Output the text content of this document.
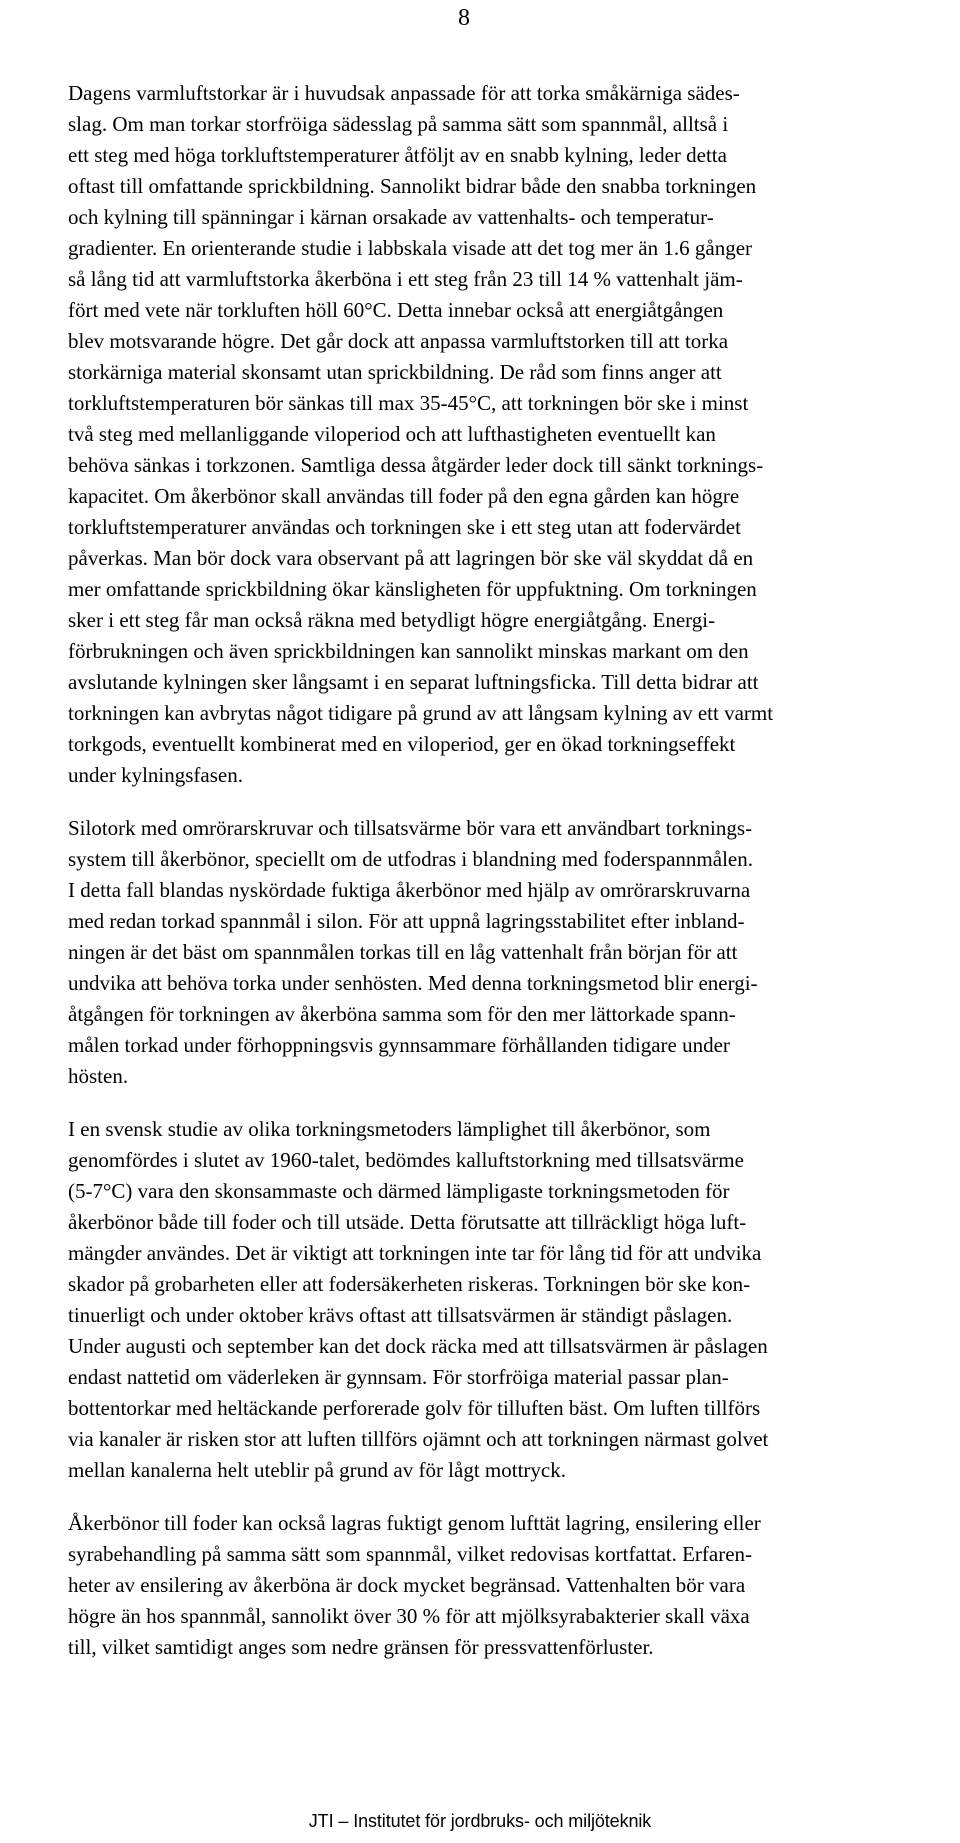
8

Dagens varmluftstorkar är i huvudsak anpassade för att torka småkärniga sädes-
slag. Om man torkar storfröiga sädesslag på samma sätt som spannmål, alltså i
ett steg med höga torkluftstemperaturer åtföljt av en snabb kylning, leder detta
oftast till omfattande sprickbildning. Sannolikt bidrar både den snabba torkningen
och kylning till spänningar i kärnan orsakade av vattenhalts- och temperatur-
gradienter. En orienterande studie i labbskala visade att det tog mer än 1.6 gånger
så lång tid att varmluftstorka åkerböna i ett steg från 23 till 14 % vattenhalt jäm-
fört med vete när torkluften höll 60°C. Detta innebar också att energiåtgången
blev motsvarande högre. Det går dock att anpassa varmluftstorken till att torka
storkärniga material skonsamt utan sprickbildning. De råd som finns anger att
torkluftstemperaturen bör sänkas till max 35-45°C, att torkningen bör ske i minst
två steg med mellanliggande viloperiod och att lufthastigheten eventuellt kan
behöva sänkas i torkzonen. Samtliga dessa åtgärder leder dock till sänkt torknings-
kapacitet. Om åkerbönor skall användas till foder på den egna gården kan högre
torkluftstemperaturer användas och torkningen ske i ett steg utan att fodervärdet
påverkas. Man bör dock vara observant på att lagringen bör ske väl skyddat då en
mer omfattande sprickbildning ökar känsligheten för uppfuktning. Om torkningen
sker i ett steg får man också räkna med betydligt högre energiåtgång. Energi-
förbrukningen och även sprickbildningen kan sannolikt minskas markant om den
avslutande kylningen sker långsamt i en separat luftningsficka. Till detta bidrar att
torkningen kan avbrytas något tidigare på grund av att långsam kylning av ett varmt
torkgods, eventuellt kombinerat med en viloperiod, ger en ökad torkningseffekt
under kylningsfasen.

Silotork med omrörarskruvar och tillsatsvärme bör vara ett användbart torknings-
system till åkerbönor, speciellt om de utfodras i blandning med foderspannmålen.
I detta fall blandas nyskördade fuktiga åkerbönor med hjälp av omrörarskruvarna
med redan torkad spannmål i silon. För att uppnå lagringsstabilitet efter inbland-
ningen är det bäst om spannmålen torkas till en låg vattenhalt från början för att
undvika att behöva torka under senhösten. Med denna torkningsmetod blir energi-
åtgången för torkningen av åkerböna samma som för den mer lättorkade spann-
målen torkad under förhoppningsvis gynnsammare förhållanden tidigare under
hösten.

I en svensk studie av olika torkningsmetoders lämplighet till åkerbönor, som
genomfördes i slutet av 1960-talet, bedömdes kalluftstorkning med tillsatsvärme
(5-7°C) vara den skonsammaste och därmed lämpligaste torkningsmetoden för
åkerbönor både till foder och till utsäde. Detta förutsatte att tillräckligt höga luft-
mängder användes. Det är viktigt att torkningen inte tar för lång tid för att undvika
skador på grobarheten eller att fodersäkerheten riskeras. Torkningen bör ske kon-
tinuerligt och under oktober krävs oftast att tillsatsvärmen är ständigt påslagen.
Under augusti och september kan det dock räcka med att tillsatsvärmen är påslagen
endast nattetid om väderleken är gynnsam. För storfröiga material passar plan-
bottentorkar med heltäckande perforerade golv för tilluften bäst. Om luften tillförs
via kanaler är risken stor att luften tillförs ojämnt och att torkningen närmast golvet
mellan kanalerna helt uteblir på grund av för lågt mottryck.

Åkerbönor till foder kan också lagras fuktigt genom lufttät lagring, ensilering eller
syrabehandling på samma sätt som spannmål, vilket redovisas kortfattat. Erfaren-
heter av ensilering av åkerböna är dock mycket begränsad. Vattenhalten bör vara
högre än hos spannmål, sannolikt över 30 % för att mjölksyrabakterier skall växa
till, vilket samtidigt anges som nedre gränsen för pressvattenförluster.

JTI – Institutet för jordbruks- och miljöteknik
